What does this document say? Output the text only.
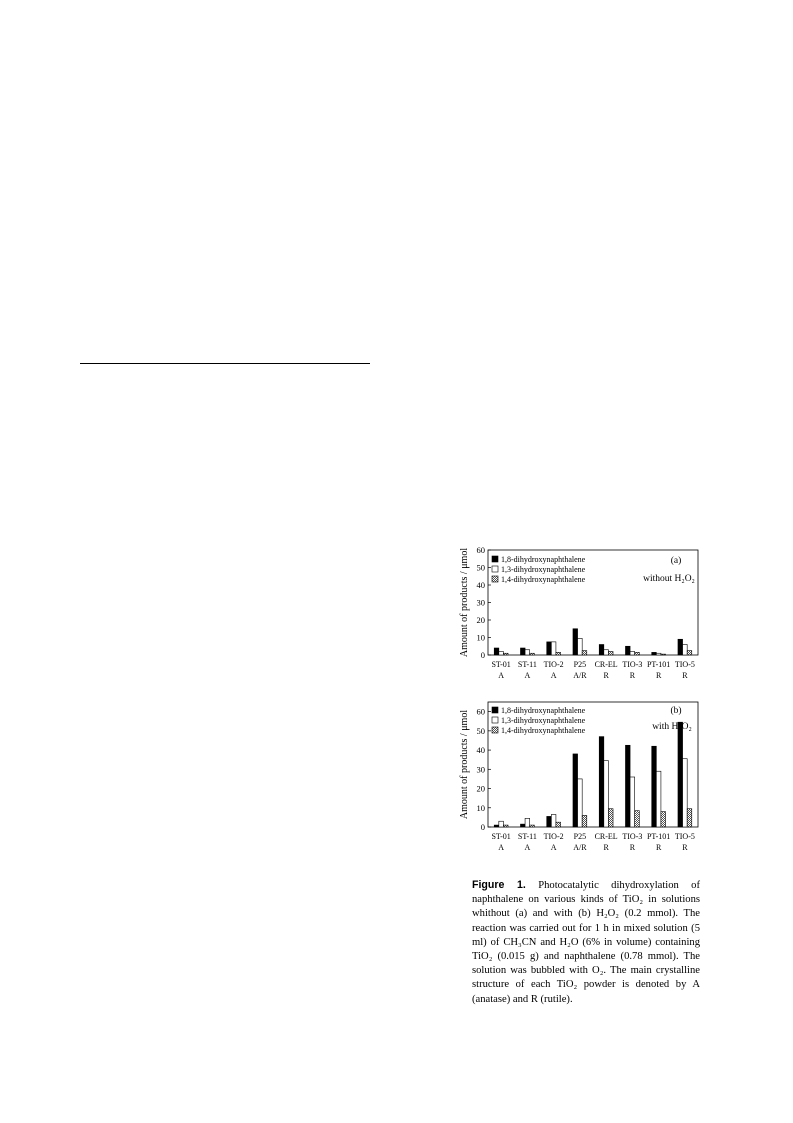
0
10
20
30
40
50
60
Amount of products / μmol
ST-01
A
ST-11
A
TIO-2
A
P25
A/R
CR-EL
R
TIO-3
R
PT-101
R
TIO-5
R
1,8-dihydroxynaphthalene
1,3-dihydroxynaphthalene
1,4-dihydroxynaphthalene
(a)
without H₂O₂
0
10
20
30
40
50
60
Amount of products / μmol
ST-01
A
ST-11
A
TIO-2
A
P25
A/R
CR-EL
R
TIO-3
R
PT-101
R
TIO-5
R
1,8-dihydroxynaphthalene
1,3-dihydroxynaphthalene
1,4-dihydroxynaphthalene
(b)
with H₂O₂
Figure 1. Photocatalytic dihydroxylation of naphthalene on various kinds of TiO₂ in solutions whithout (a) and with (b) H₂O₂ (0.2 mmol). The reaction was carried out for 1 h in mixed solution (5 ml) of CH₃CN and H₂O (6% in volume) containing TiO₂ (0.015 g) and naphthalene (0.78 mmol). The solution was bubbled with O₂. The main crystalline structure of each TiO₂ powder is denoted by A (anatase) and R (rutile).
